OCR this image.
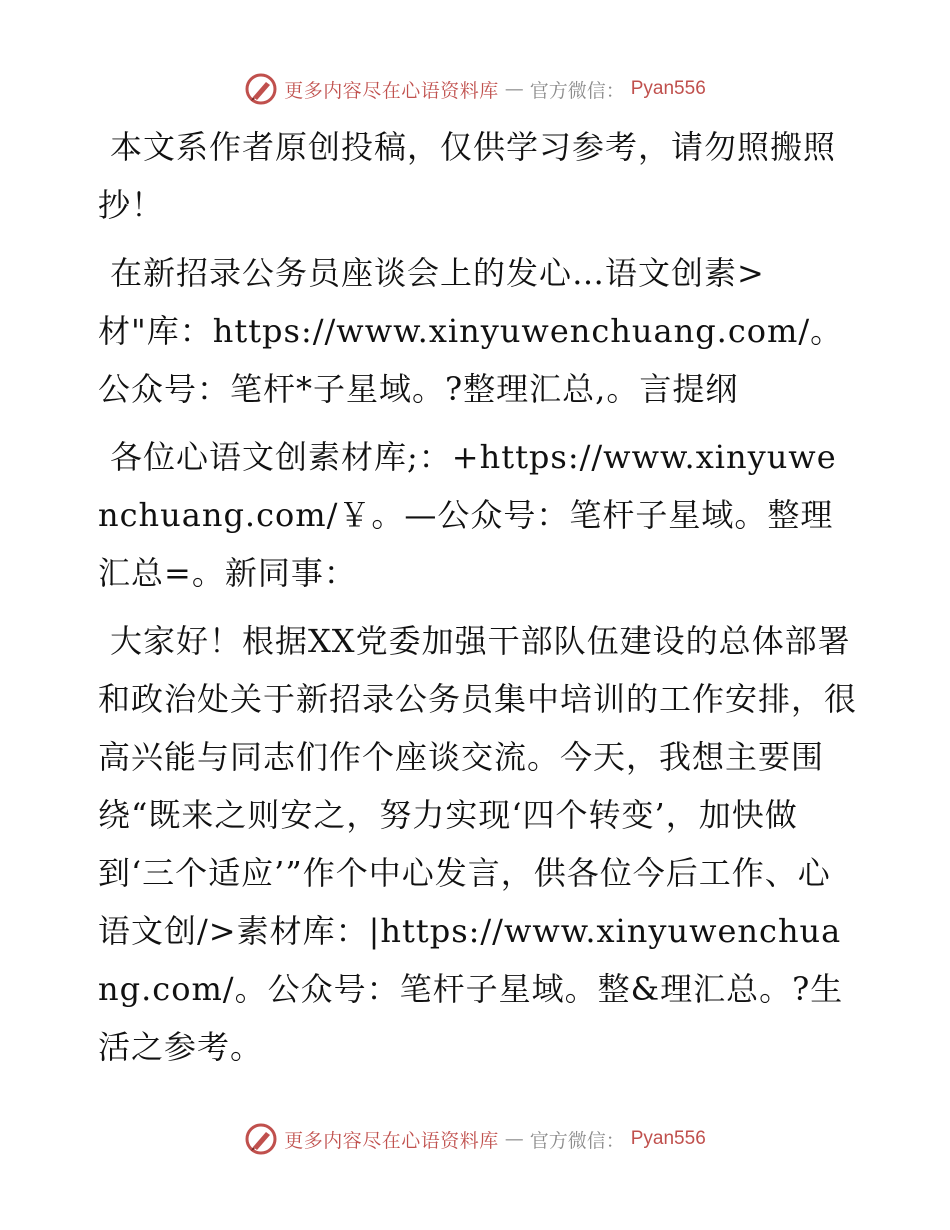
更多内容尽在心语资料库 — 官方微信： Pyan556

本文系作者原创投稿，仅供学习参考，请勿照搬照抄！

在新招录公务员座谈会上的发心…语文创素>材"库：https://www.xinyuwenchuang.com/。公众号：笔杆*子星域。?整理汇总,。言提纲

各位心语文创素材库;：+https://www.xinyuwenchuang.com/￥。—公众号：笔杆子星域。整理汇总=。新同事：

大家好！根据XX党委加强干部队伍建设的总体部署和政治处关于新招录公务员集中培训的工作安排，很高兴能与同志们作个座谈交流。今天，我想主要围绕“既来之则安之，努力实现‘四个转变’，加快做到‘三个适应’”作个中心发言，供各位今后工作、心语文创/>素材库：|https://www.xinyuwenchuang.com/。公众号：笔杆子星域。整&理汇总。?生活之参考。

更多内容尽在心语资料库 — 官方微信： Pyan556
